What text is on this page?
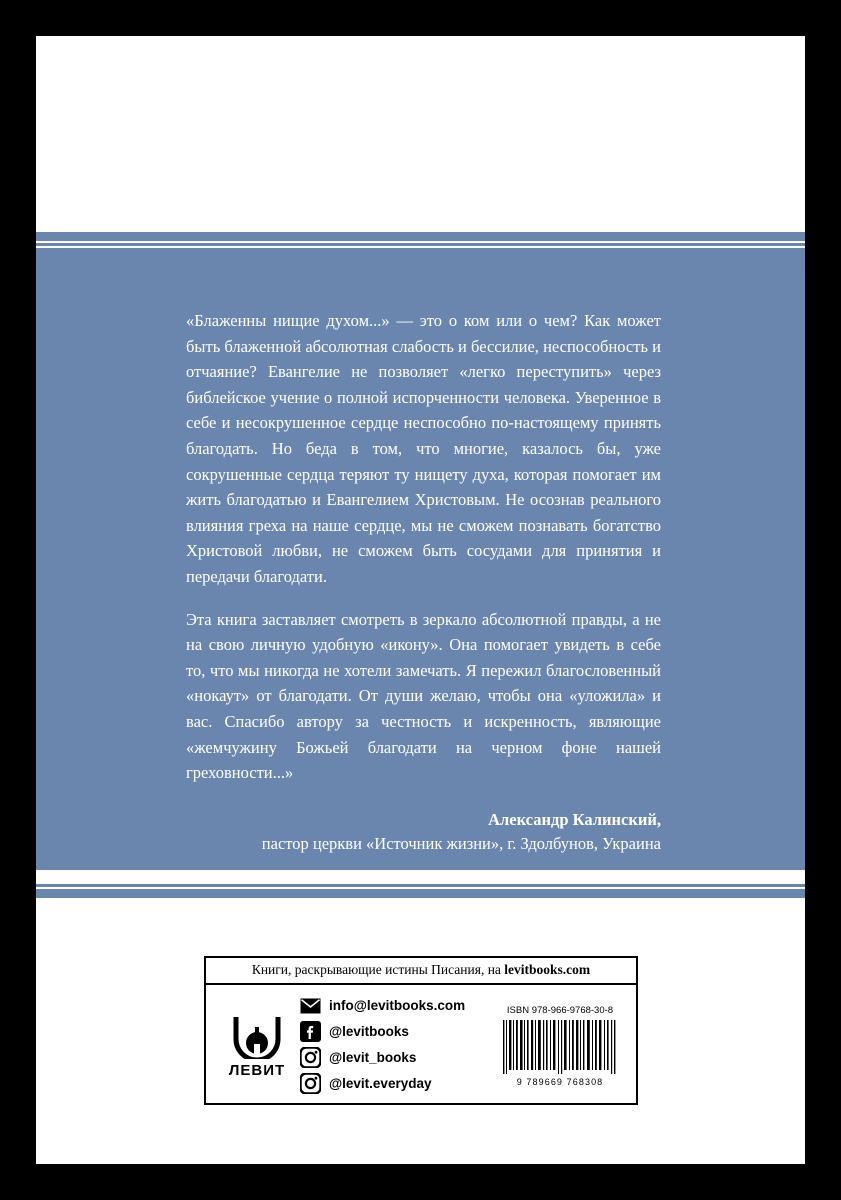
«Блаженны нищие духом...» — это о ком или о чем? Как может быть блаженной абсолютная слабость и бессилие, неспособность и отчаяние? Евангелие не позволяет «легко переступить» через библейское учение о полной испорченности человека. Уверенное в себе и несокрушенное сердце неспособно по-настоящему принять благодать. Но беда в том, что многие, казалось бы, уже сокрушенные сердца теряют ту нищету духа, которая помогает им жить благодатью и Евангелием Христовым. Не осознав реального влияния греха на наше сердце, мы не сможем познавать богатство Христовой любви, не сможем быть сосудами для принятия и передачи благодати.

Эта книга заставляет смотреть в зеркало абсолютной правды, а не на свою личную удобную «икону». Она помогает увидеть в себе то, что мы никогда не хотели замечать. Я пережил благословенный «нокаут» от благодати. От души желаю, чтобы она «уложила» и вас. Спасибо автору за честность и искренность, являющие «жемчужину Божьей благодати на черном фоне нашей греховности...»

Александр Калинский,
пастор церкви «Источник жизни», г. Здолбунов, Украина
Книги, раскрывающие истины Писания, на levitbooks.com
ЛЕВИТ
info@levitbooks.com
@levitbooks
@levit_books
@levit.everyday
ISBN 978-966-9768-30-8
9 789669 768308
